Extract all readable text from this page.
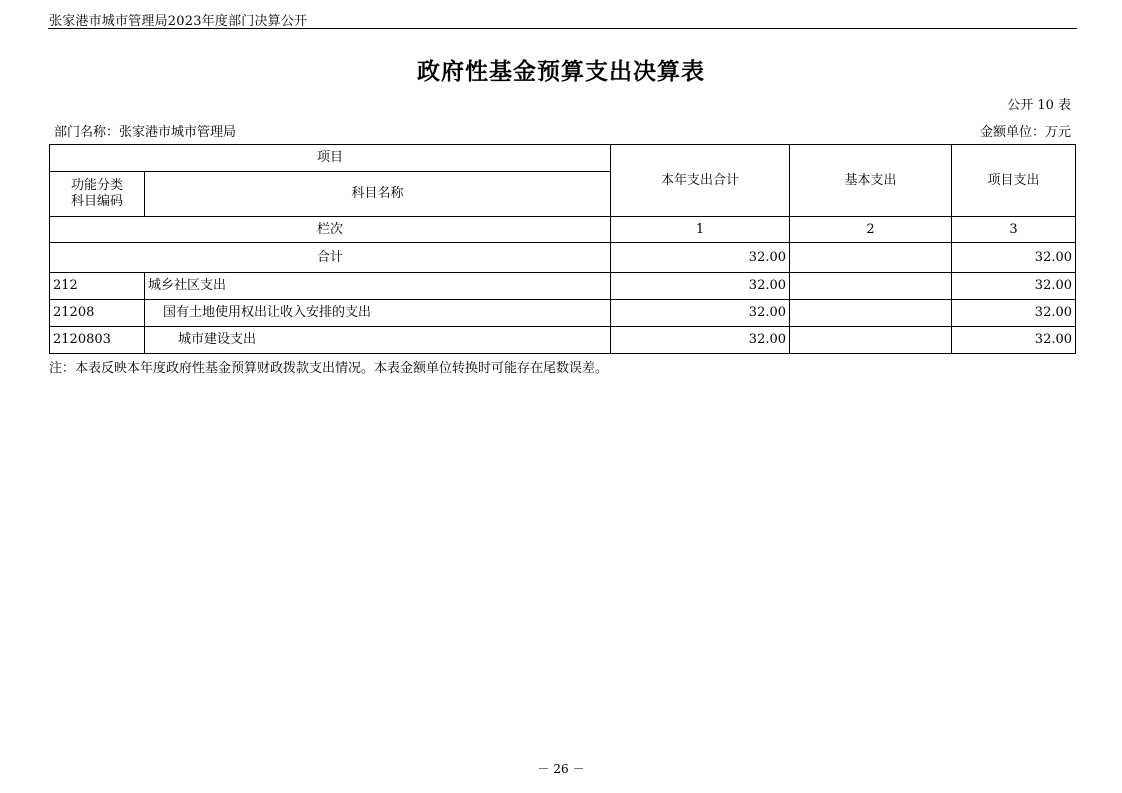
张家港市城市管理局2023年度部门决算公开
政府性基金预算支出决算表
公开 10 表
部门名称：张家港市城市管理局	金额单位：万元
项目		本年支出合计	基本支出	项目支出
功能分类
科目编码	科目名称			
栏次		1	2	3
合计		32.00		32.00
212	城乡社区支出	32.00		32.00
21208	国有土地使用权出让收入安排的支出	32.00		32.00
2120803	城市建设支出	32.00		32.00
注：本表反映本年度政府性基金预算财政拨款支出情况。本表金额单位转换时可能存在尾数误差。
－ 26 －
